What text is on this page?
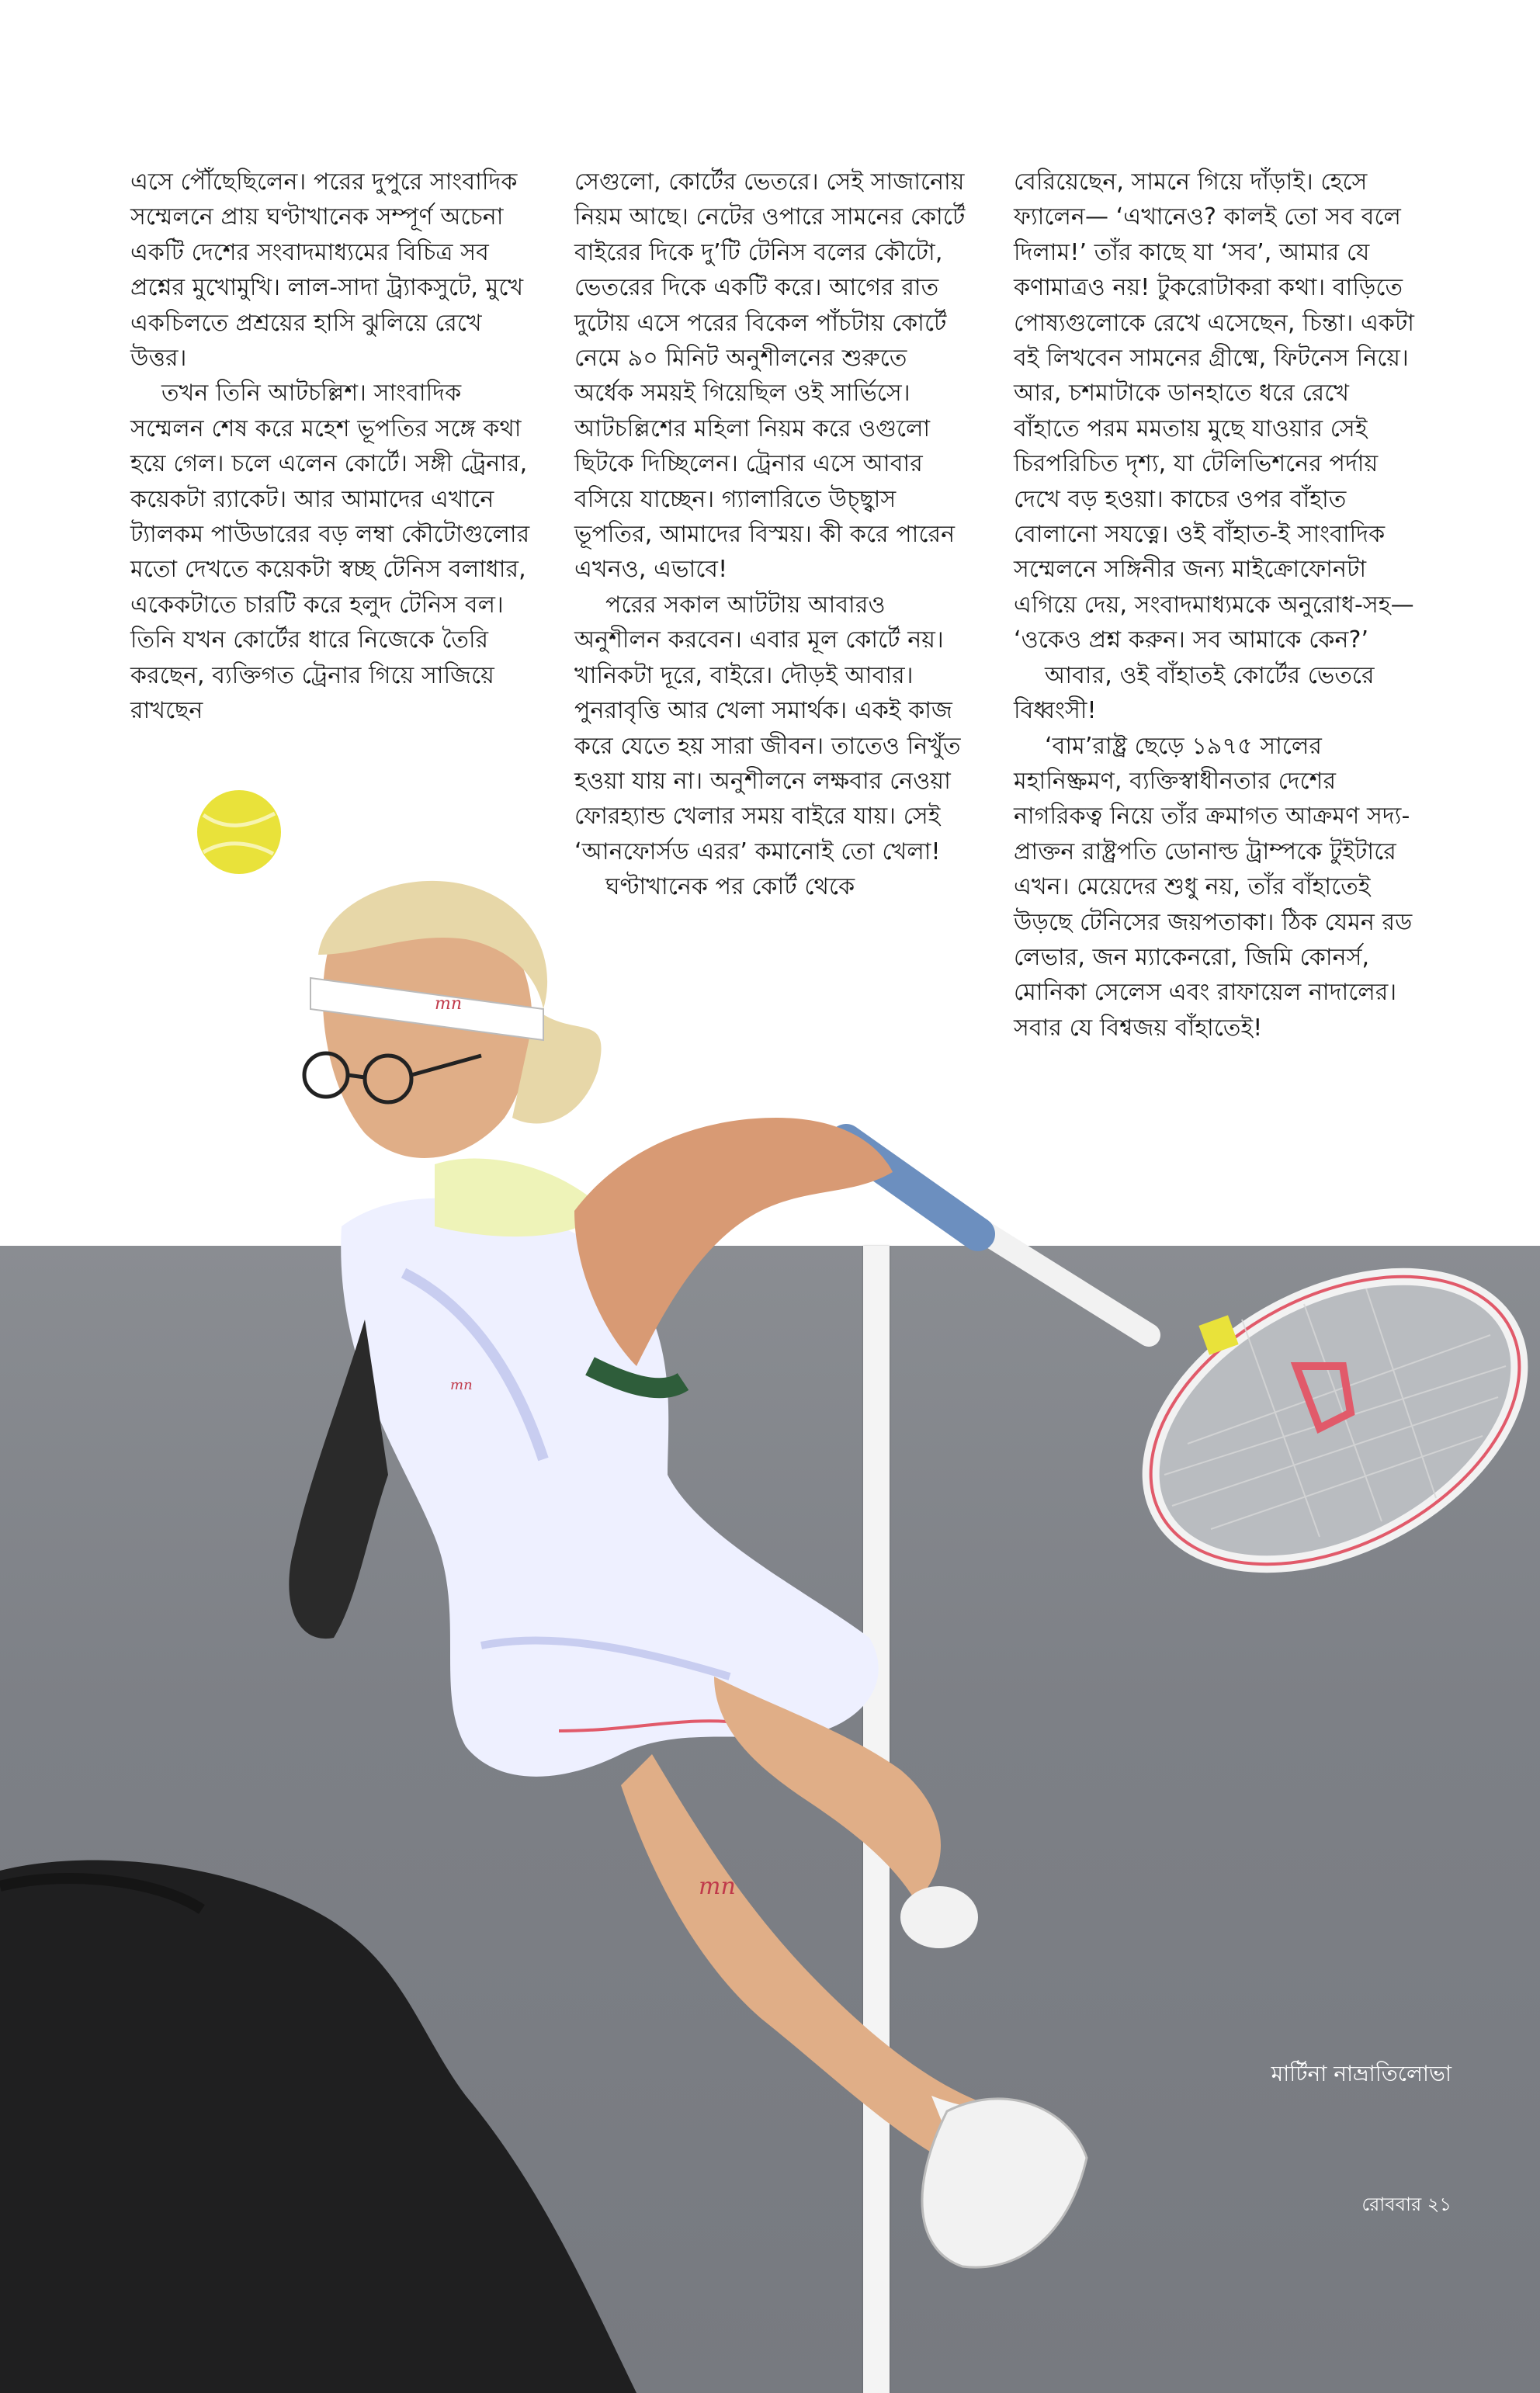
এসে পৌঁছেছিলেন। পরের দুপুরে সাংবাদিক সম্মেলনে প্রায় ঘণ্টাখানেক সম্পূর্ণ অচেনা একটি দেশের সংবাদমাধ্যমের বিচিত্র সব প্রশ্নের মুখোমুখি। লাল-সাদা ট্র্যাকসুটে, মুখে একচিলতে প্রশ্রয়ের হাসি ঝুলিয়ে রেখে উত্তর।

তখন তিনি আটচল্লিশ। সাংবাদিক সম্মেলন শেষ করে মহেশ ভূপতির সঙ্গে কথা হয়ে গেল। চলে এলেন কোর্টে। সঙ্গী ট্রেনার, কয়েকটা র‍্যাকেট। আর আমাদের এখানে ট্যালকম পাউডারের বড় লম্বা কৌটোগুলোর মতো দেখতে কয়েকটা স্বচ্ছ টেনিস বলাধার, একেকটাতে চারটি করে হলুদ টেনিস বল। তিনি যখন কোর্টের ধারে নিজেকে তৈরি করছেন, ব্যক্তিগত ট্রেনার গিয়ে সাজিয়ে রাখছেন

সেগুলো, কোর্টের ভেতরে। সেই সাজানোয় নিয়ম আছে। নেটের ওপারে সামনের কোর্টে বাইরের দিকে দু’টি টেনিস বলের কৌটো, ভেতরের দিকে একটি করে। আগের রাত দুটোয় এসে পরের বিকেল পাঁচটায় কোর্টে নেমে ৯০ মিনিট অনুশীলনের শুরুতে অর্ধেক সময়ই গিয়েছিল ওই সার্ভিসে। আটচল্লিশের মহিলা নিয়ম করে ওগুলো ছিটকে দিচ্ছিলেন। ট্রেনার এসে আবার বসিয়ে যাচ্ছেন। গ্যালারিতে উচ্ছ্বাস ভূপতির, আমাদের বিস্ময়। কী করে পারেন এখনও, এভাবে!

পরের সকাল আটটায় আবারও অনুশীলন করবেন। এবার মূল কোর্টে নয়। খানিকটা দূরে, বাইরে। দৌড়ই আবার। পুনরাবৃত্তি আর খেলা সমার্থক। একই কাজ করে যেতে হয় সারা জীবন। তাতেও নিখুঁত হওয়া যায় না। অনুশীলনে লক্ষবার নেওয়া ফোরহ্যান্ড খেলার সময় বাইরে যায়। সেই ‘আনফোর্সড এরর’ কমানোই তো খেলা!

ঘণ্টাখানেক পর কোর্ট থেকে

বেরিয়েছেন, সামনে গিয়ে দাঁড়াই। হেসে ফ্যালেন— ‘এখানেও? কালই তো সব বলে দিলাম!’ তাঁর কাছে যা ‘সব’, আমার যে কণামাত্রও নয়! টুকরোটাকরা কথা। বাড়িতে পোষ্যগুলোকে রেখে এসেছেন, চিন্তা। একটা বই লিখবেন সামনের গ্রীষ্মে, ফিটনেস নিয়ে। আর, চশমাটাকে ডানহাতে ধরে রেখে বাঁহাতে পরম মমতায় মুছে যাওয়ার সেই চিরপরিচিত দৃশ্য, যা টেলিভিশনের পর্দায় দেখে বড় হওয়া। কাচের ওপর বাঁহাত বোলানো সযত্নে। ওই বাঁহাত-ই সাংবাদিক সম্মেলনে সঙ্গিনীর জন্য মাইক্রোফোনটা এগিয়ে দেয়, সংবাদমাধ্যমকে অনুরোধ-সহ— ‘ওকেও প্রশ্ন করুন। সব আমাকে কেন?’

আবার, ওই বাঁহাতই কোর্টের ভেতরে বিধ্বংসী!

‘বাম’রাষ্ট্র ছেড়ে ১৯৭৫ সালের মহানিষ্ক্রমণ, ব্যক্তিস্বাধীনতার দেশের নাগরিকত্ব নিয়ে তাঁর ক্রমাগত আক্রমণ সদ্য-প্রাক্তন রাষ্ট্রপতি ডোনাল্ড ট্রাম্পকে টুইটারে এখন। মেয়েদের শুধু নয়, তাঁর বাঁহাতেই উড়ছে টেনিসের জয়পতাকা। ঠিক যেমন রড লেভার, জন ম্যাকেনরো, জিমি কোনর্স, মোনিকা সেলেস এবং রাফায়েল নাদালের। সবার যে বিশ্বজয় বাঁহাতেই!

mn
mn
mn
মার্টিনা নাভ্রাতিলোভা
রোববার ২১
